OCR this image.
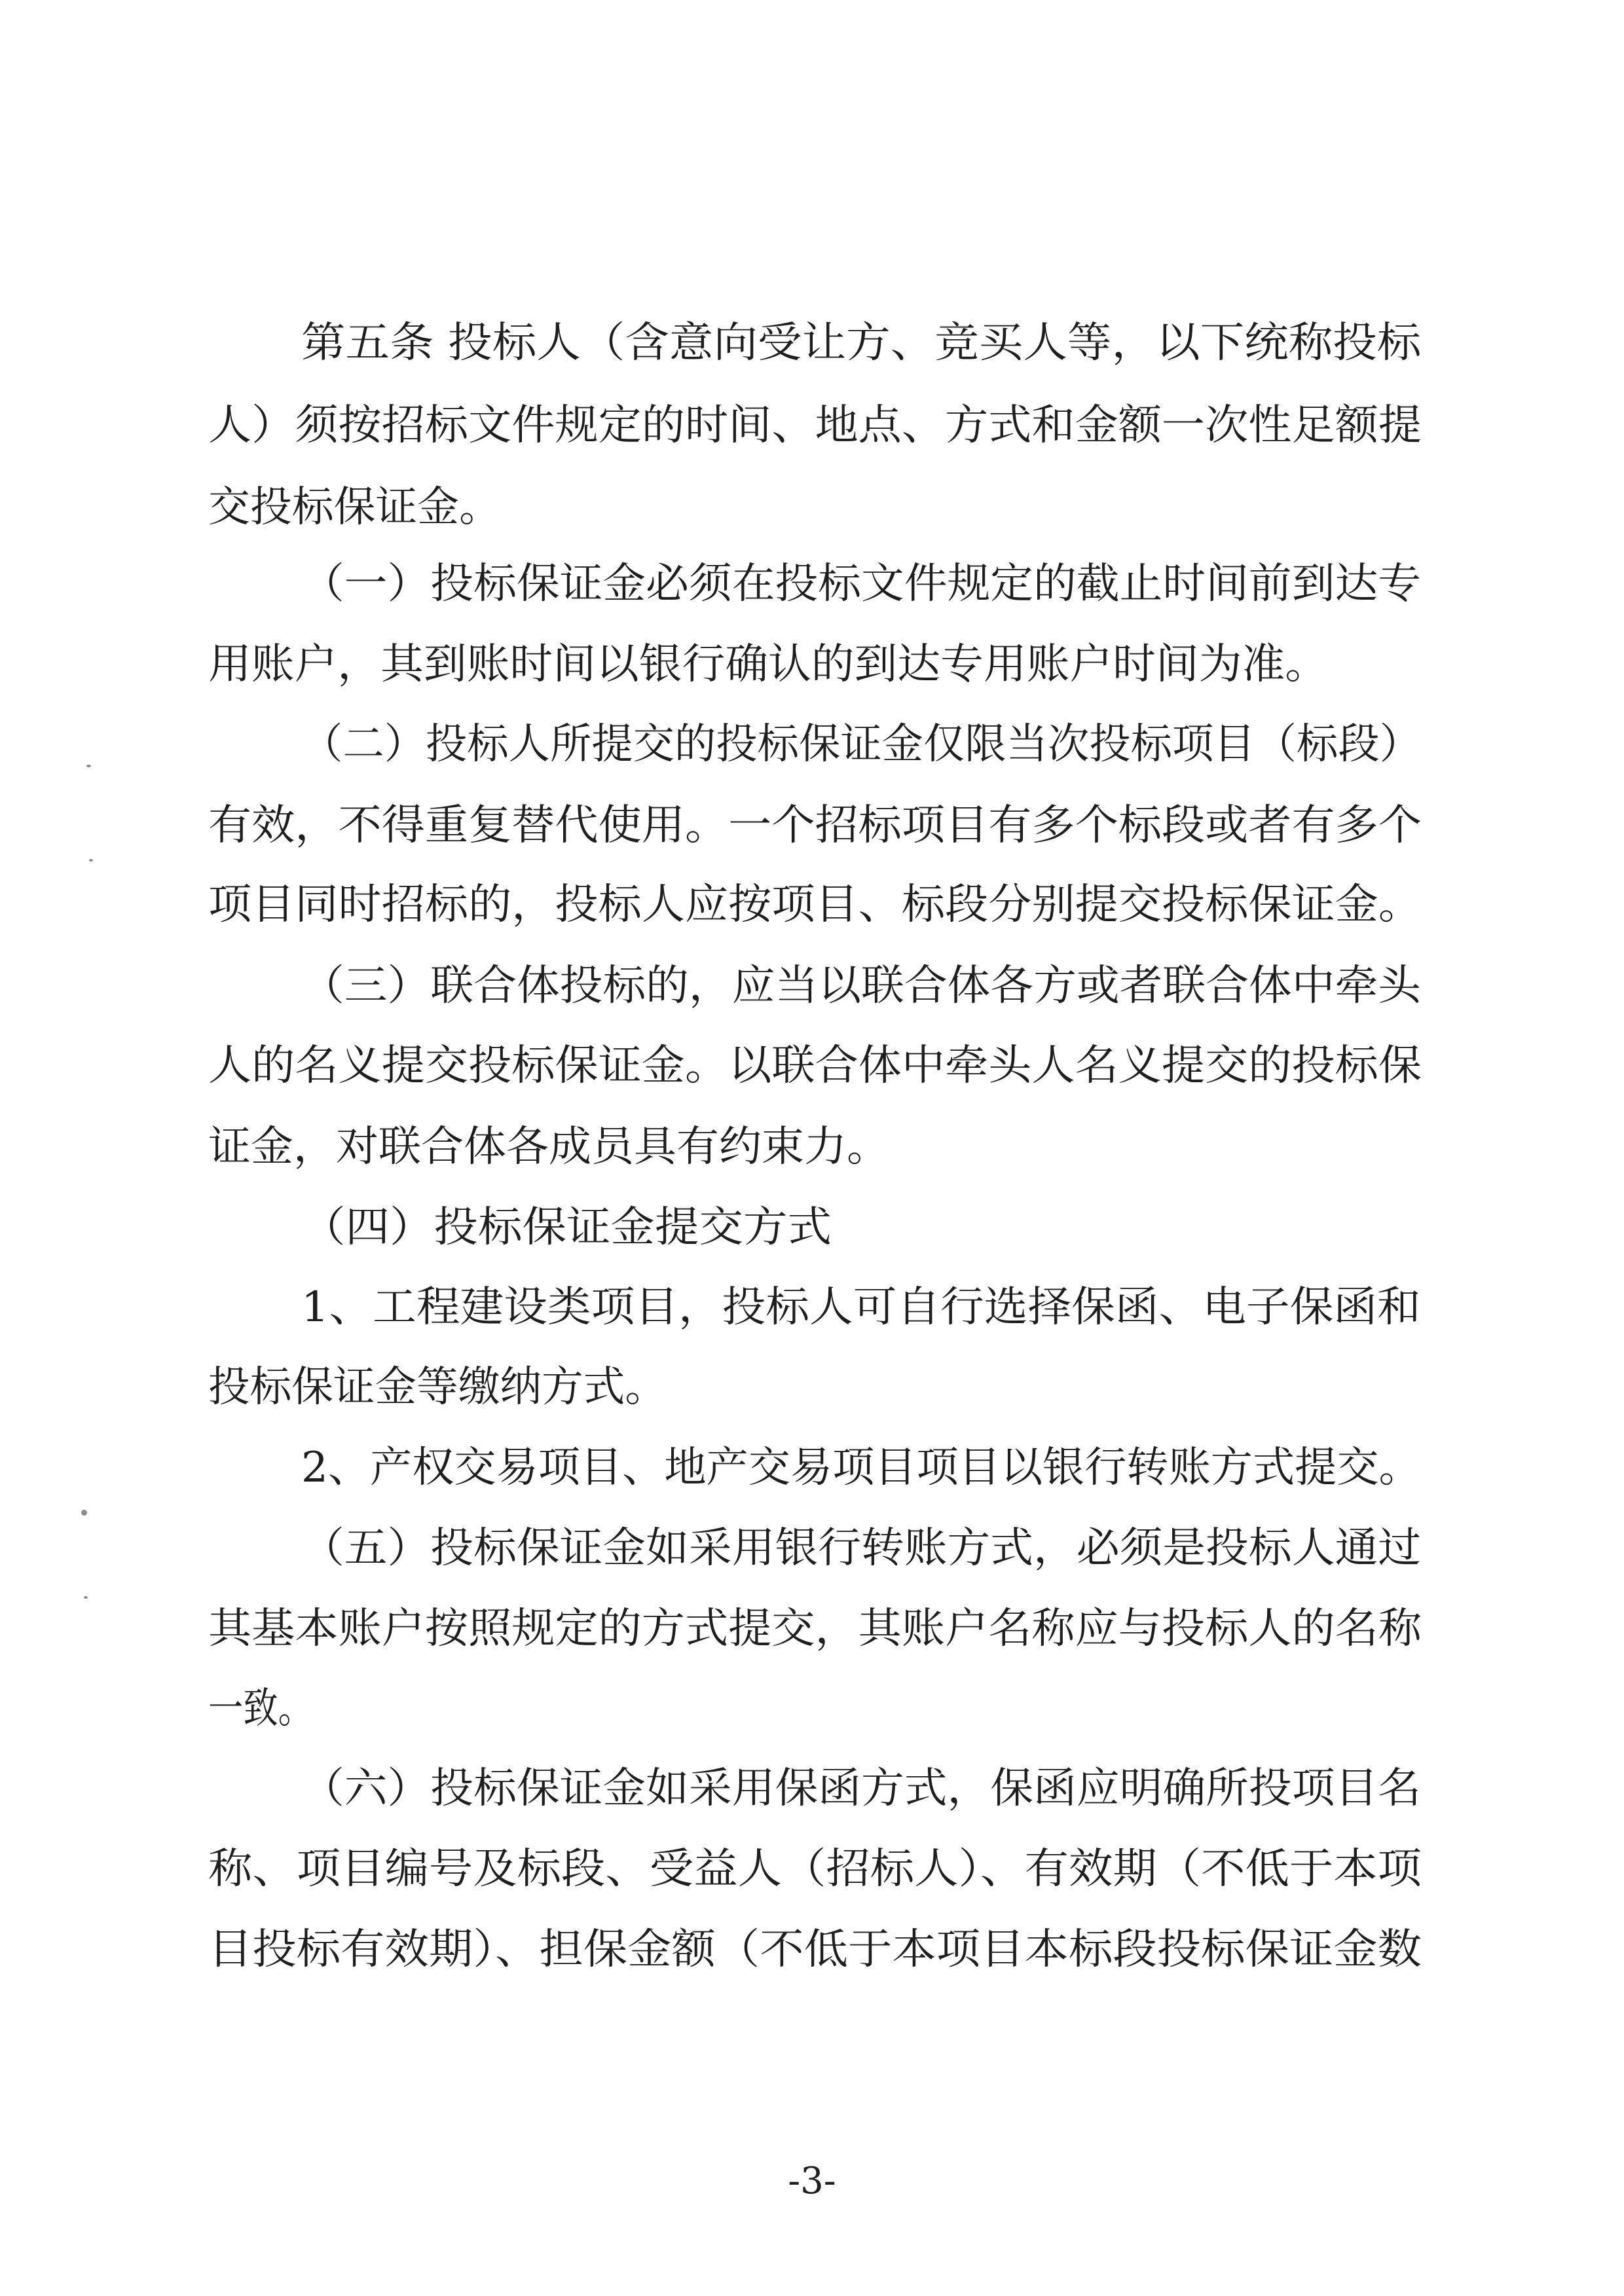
第五条 投标人（含意向受让方、竞买人等，以下统称投标
人）须按招标文件规定的时间、地点、方式和金额一次性足额提
交投标保证金。
（一）投标保证金必须在投标文件规定的截止时间前到达专
用账户，其到账时间以银行确认的到达专用账户时间为准。
（二）投标人所提交的投标保证金仅限当次投标项目（标段）
有效，不得重复替代使用。一个招标项目有多个标段或者有多个
项目同时招标的，投标人应按项目、标段分别提交投标保证金。
（三）联合体投标的，应当以联合体各方或者联合体中牵头
人的名义提交投标保证金。以联合体中牵头人名义提交的投标保
证金，对联合体各成员具有约束力。
（四）投标保证金提交方式
1、工程建设类项目，投标人可自行选择保函、电子保函和
投标保证金等缴纳方式。
2、产权交易项目、地产交易项目项目以银行转账方式提交。
（五）投标保证金如采用银行转账方式，必须是投标人通过
其基本账户按照规定的方式提交，其账户名称应与投标人的名称
一致。
（六）投标保证金如采用保函方式，保函应明确所投项目名
称、项目编号及标段、受益人（招标人）、有效期（不低于本项
目投标有效期）、担保金额（不低于本项目本标段投标保证金数
-3-
